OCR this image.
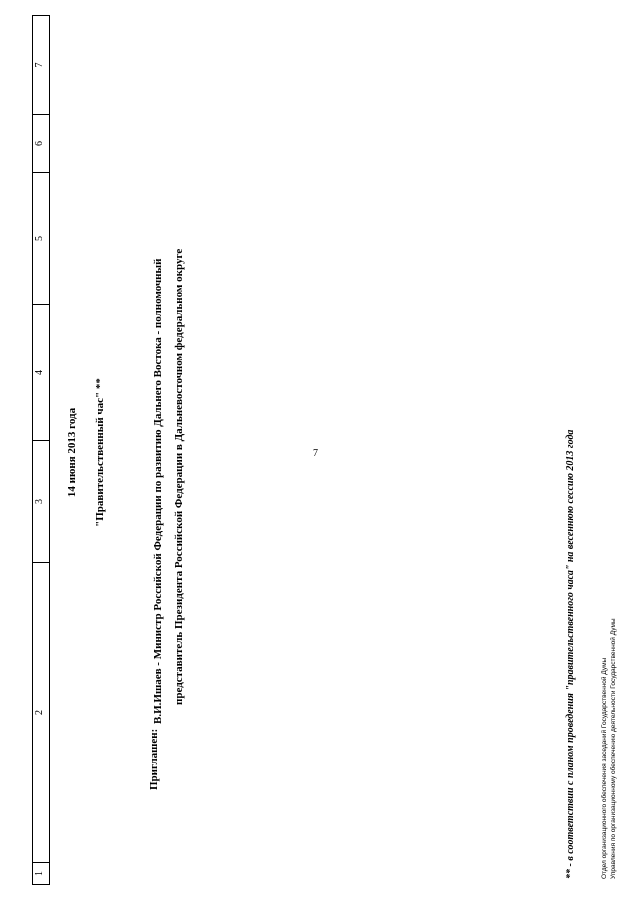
7
1
2
3
4
5
6
7
14 июня 2013 года "Правительственный час" **
Приглашен:
В.И.Ишаев - Министр Российской Федерации по развитию Дальнего Востока - полномочный представитель Президента Российской Федерации в Дальневосточном федеральном округе	** - в соответствии с планом проведения "правительственного часа" на весеннюю сессию 2013 года	Отдел организационного обеспечения заседаний Государственной Думы Управления по организационному обеспечению деятельности Государственной Думы
